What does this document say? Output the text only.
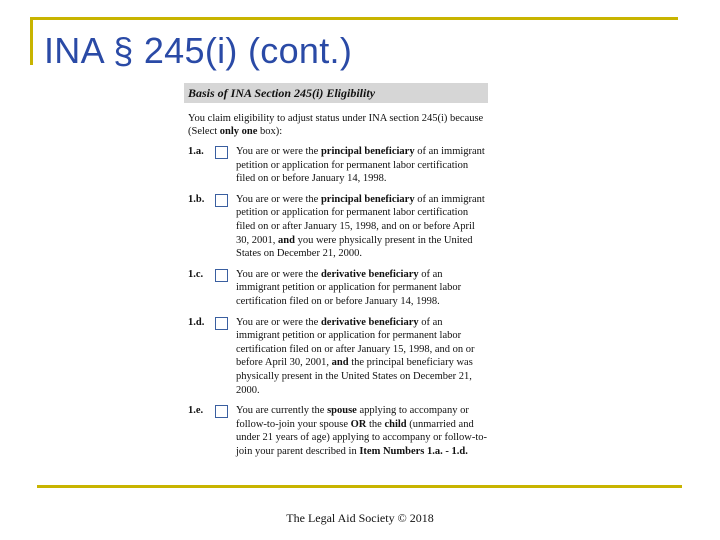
INA § 245(i) (cont.)
Basis of INA Section 245(i) Eligibility
You claim eligibility to adjust status under INA section 245(i) because (Select only one box):
1.a.	You are or were the principal beneficiary of an immigrant petition or application for permanent labor certification filed on or before January 14, 1998.
1.b.	You are or were the principal beneficiary of an immigrant petition or application for permanent labor certification filed on or after January 15, 1998, and on or before April 30, 2001, and you were physically present in the United States on December 21, 2000.
1.c.	You are or were the derivative beneficiary of an immigrant petition or application for permanent labor certification filed on or before January 14, 1998.
1.d.	You are or were the derivative beneficiary of an immigrant petition or application for permanent labor certification filed on or after January 15, 1998, and on or before April 30, 2001, and the principal beneficiary was physically present in the United States on December 21, 2000.
1.e.	You are currently the spouse applying to accompany or follow-to-join your spouse OR the child (unmarried and under 21 years of age) applying to accompany or follow-to-join your parent described in Item Numbers 1.a. - 1.d.
The Legal Aid Society © 2018
